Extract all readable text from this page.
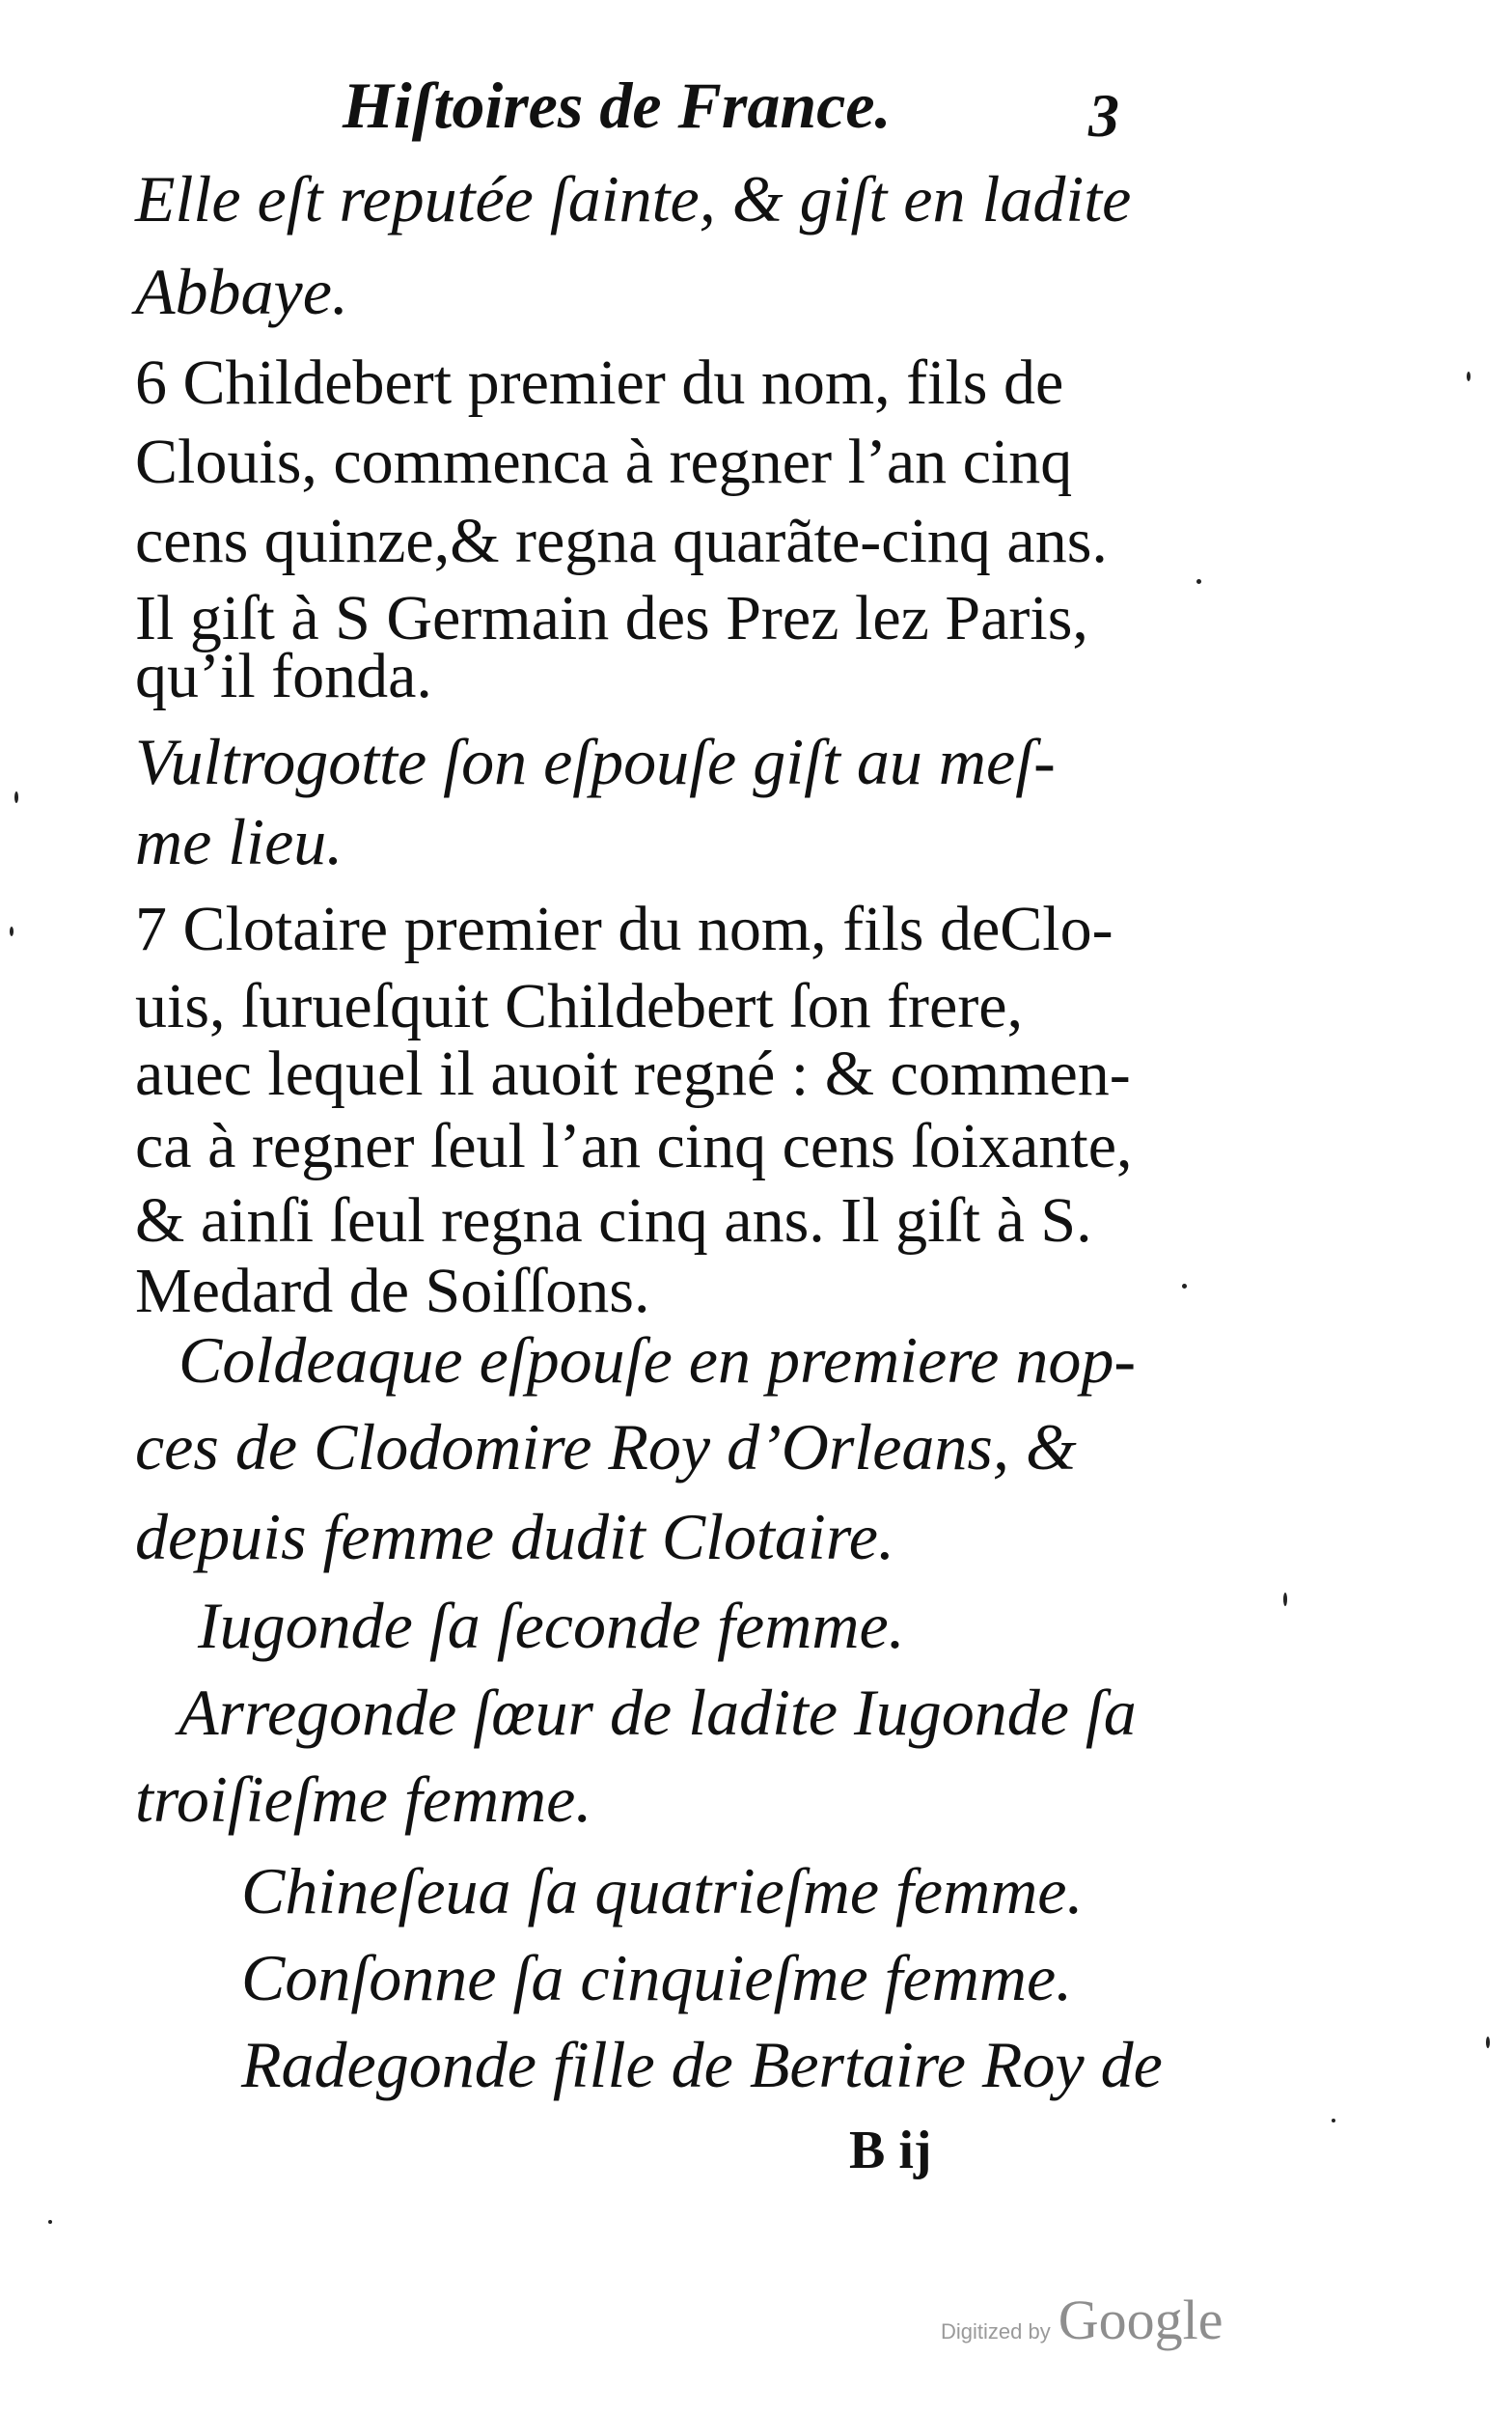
Hiſtoires de France.	3
Elle eſt reputée ſainte, & giſt en ladite
Abbaye.
6 Childebert premier du nom, fils de
Clouis, commenca à regner l’an cinq
cens quinze,& regna quarãte-cinq ans.
Il giſt à S Germain des Prez lez Paris,
qu’il fonda.
Vultrogotte ſon eſpouſe giſt au meſ-
me lieu.
7 Clotaire premier du nom, fils deClo-
uis, ſurueſquit Childebert ſon frere,
auec lequel il auoit regné : & commen-
ca à regner ſeul l’an cinq cens ſoixante,
& ainſi ſeul regna cinq ans. Il giſt à S.
Medard de Soiſſons.
Coldeaque eſpouſe en premiere nop-
ces de Clodomire Roy d’Orleans, &
depuis femme dudit Clotaire.
Iugonde ſa ſeconde femme.
Arregonde ſœur de ladite Iugonde ſa
troiſieſme femme.
Chineſeua ſa quatrieſme femme.
Conſonne ſa cinquieſme femme.
Radegonde fille de Bertaire Roy de
B ij
Digitized by Google
